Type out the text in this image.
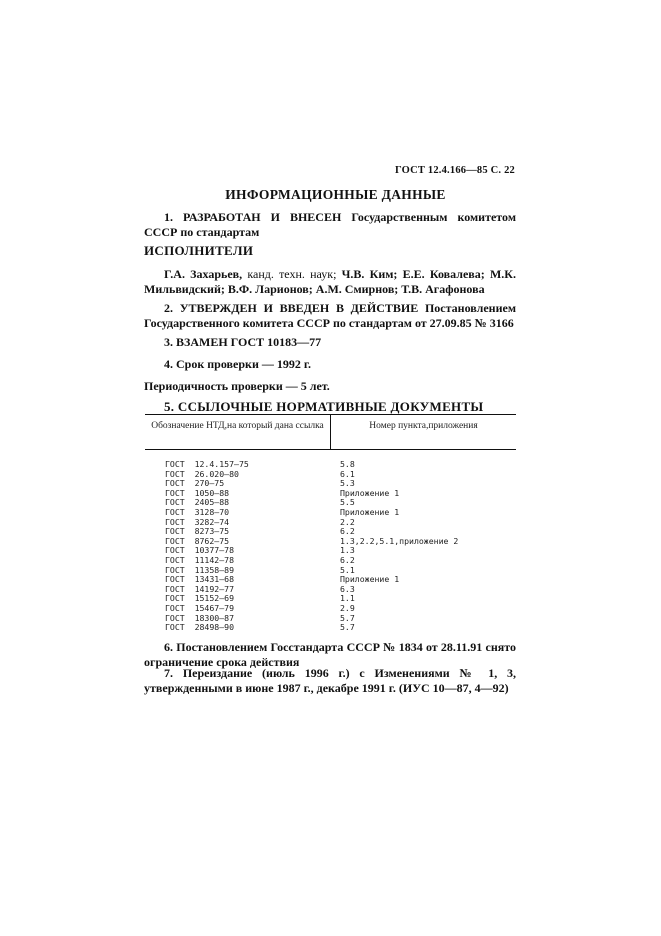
ГОСТ 12.4.166—85 С. 22
ИНФОРМАЦИОННЫЕ ДАННЫЕ
1. РАЗРАБОТАН И ВНЕСЕН Государственным комитетом СССР по стандартам
ИСПОЛНИТЕЛИ
Г.А. Захарьев, канд. техн. наук; Ч.В. Ким; Е.Е. Ковалева; М.К. Мильвидский; В.Ф. Ларионов; А.М. Смирнов; Т.В. Агафонова
2. УТВЕРЖДЕН И ВВЕДЕН В ДЕЙСТВИЕ Постановлением Государственного комитета СССР по стандартам от 27.09.85 № 3166
3. ВЗАМЕН ГОСТ 10183—77
4. Срок проверки — 1992 г.
Периодичность проверки — 5 лет.
5. ССЫЛОЧНЫЕ НОРМАТИВНЫЕ ДОКУМЕНТЫ
Обозначение НТД,на который дана ссылка	Номер пункта,приложения
ГОСТ  12.4.157—75	5.8
ГОСТ  26.020—80	6.1
ГОСТ  270—75	5.3
ГОСТ  1050—88	Приложение 1
ГОСТ  2405—88	5.5
ГОСТ  3128—70	Приложение 1
ГОСТ  3282—74	2.2
ГОСТ  8273—75	6.2
ГОСТ  8762—75	1.3,2.2,5.1,приложение 2
ГОСТ  10377—78	1.3
ГОСТ  11142—78	6.2
ГОСТ  11358—89	5.1
ГОСТ  13431—68	Приложение 1
ГОСТ  14192—77	6.3
ГОСТ  15152—69	1.1
ГОСТ  15467—79	2.9
ГОСТ  18300—87	5.7
ГОСТ  28498—90	5.7
6. Постановлением Госстандарта СССР № 1834 от 28.11.91 снято ограничение срока действия
7. Переиздание (июль 1996 г.) с Изменениями № 1, 3, утвержденными в июне 1987 г., декабре 1991 г. (ИУС 10—87, 4—92)
